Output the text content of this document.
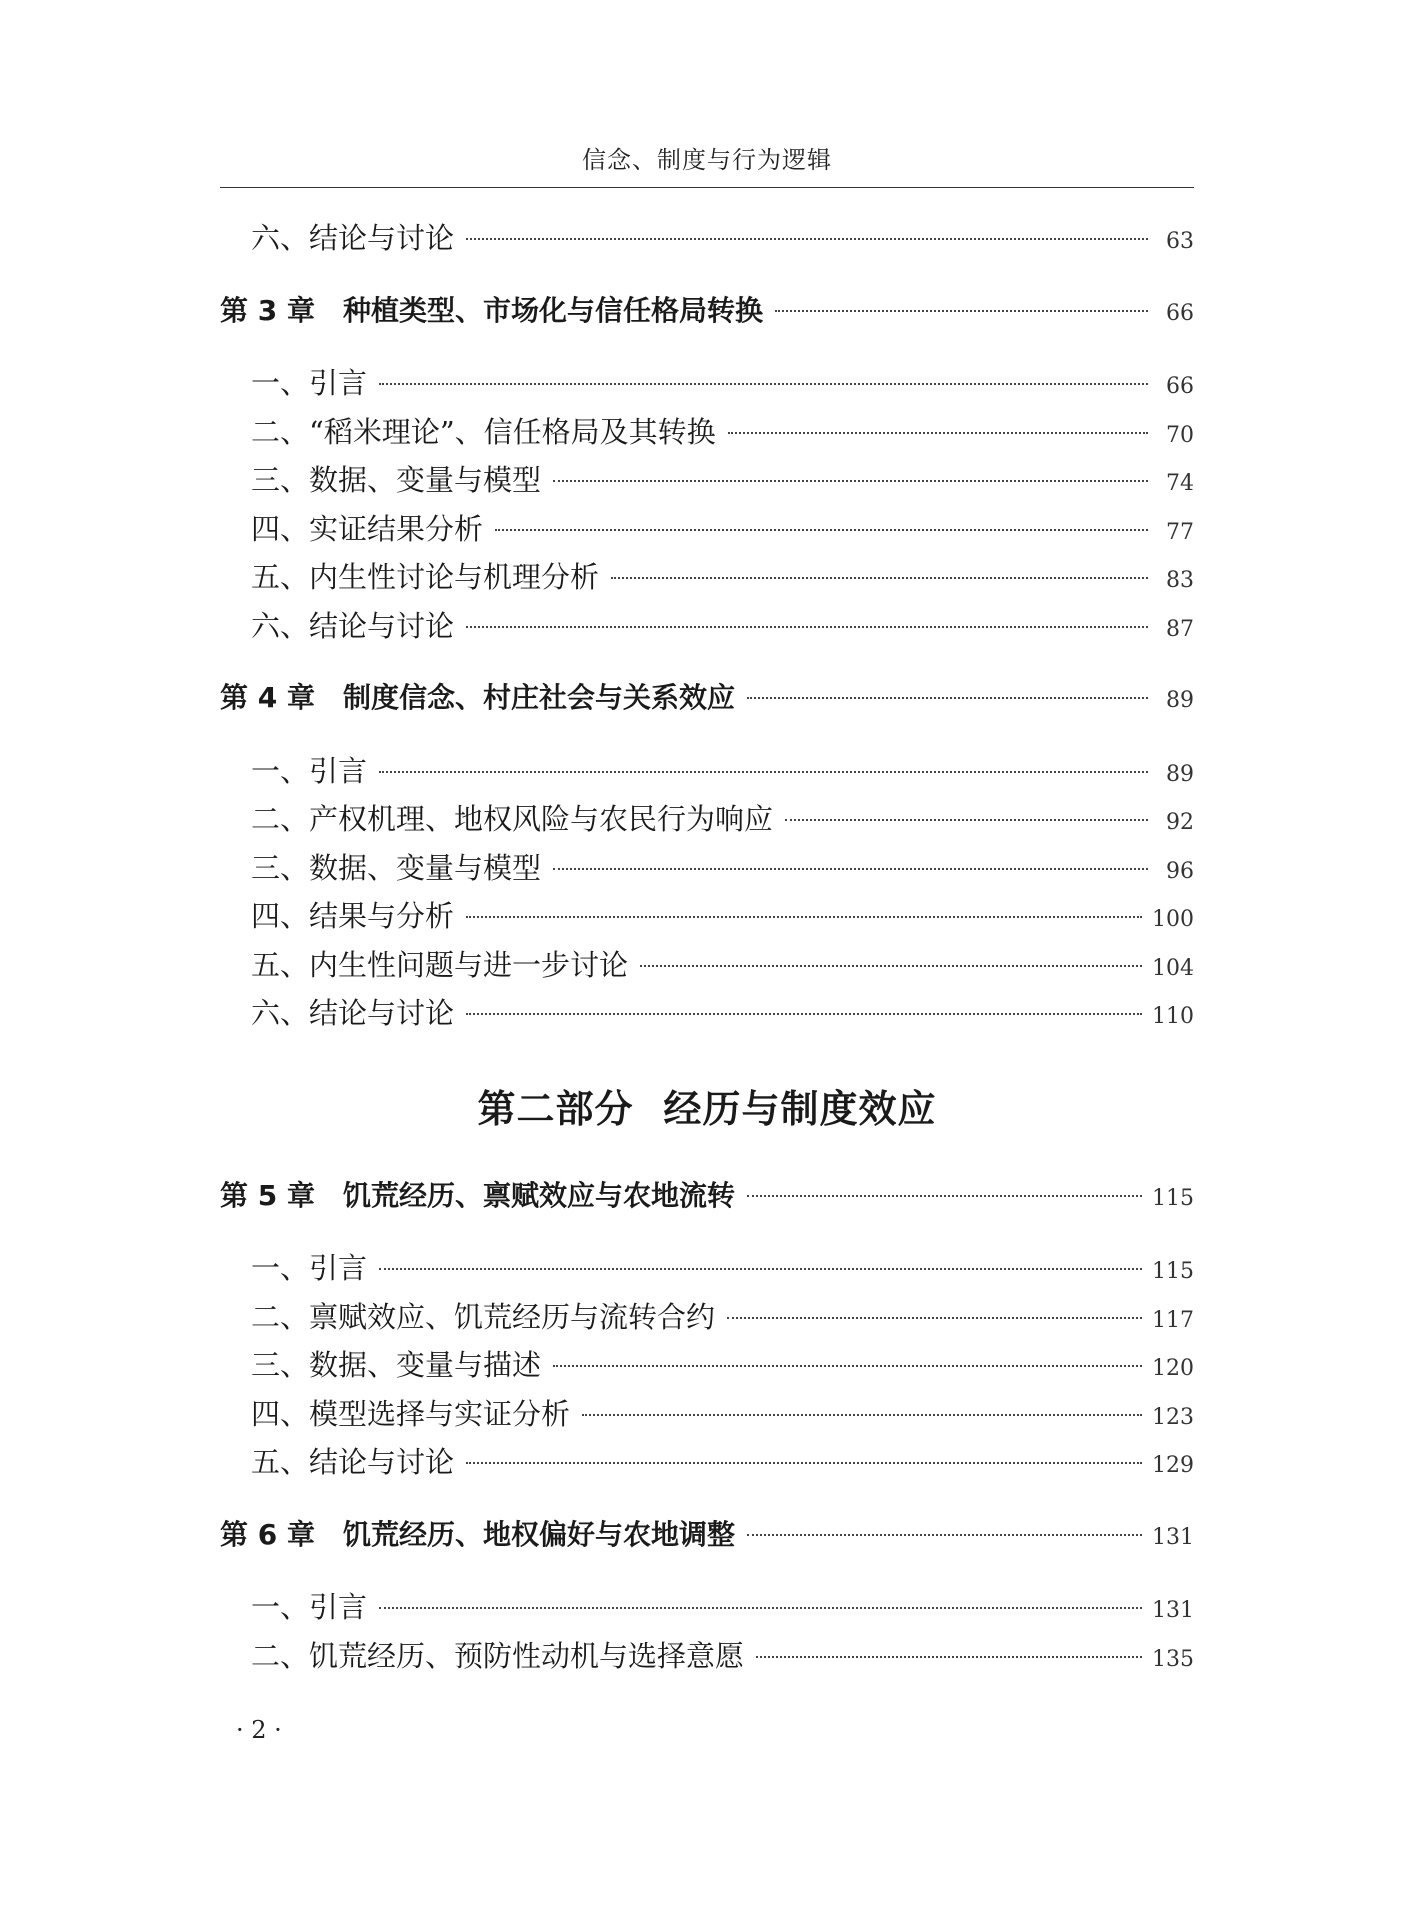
信念、制度与行为逻辑
六、结论与讨论	63
第 3 章  种植类型、市场化与信任格局转换	66
一、引言	66
二、“稻米理论”、信任格局及其转换	70
三、数据、变量与模型	74
四、实证结果分析	77
五、内生性讨论与机理分析	83
六、结论与讨论	87
第 4 章  制度信念、村庄社会与关系效应	89
一、引言	89
二、产权机理、地权风险与农民行为响应	92
三、数据、变量与模型	96
四、结果与分析	100
五、内生性问题与进一步讨论	104
六、结论与讨论	110
第二部分 经历与制度效应
第 5 章  饥荒经历、禀赋效应与农地流转	115
一、引言	115
二、禀赋效应、饥荒经历与流转合约	117
三、数据、变量与描述	120
四、模型选择与实证分析	123
五、结论与讨论	129
第 6 章  饥荒经历、地权偏好与农地调整	131
一、引言	131
二、饥荒经历、预防性动机与选择意愿	135
· 2 ·
